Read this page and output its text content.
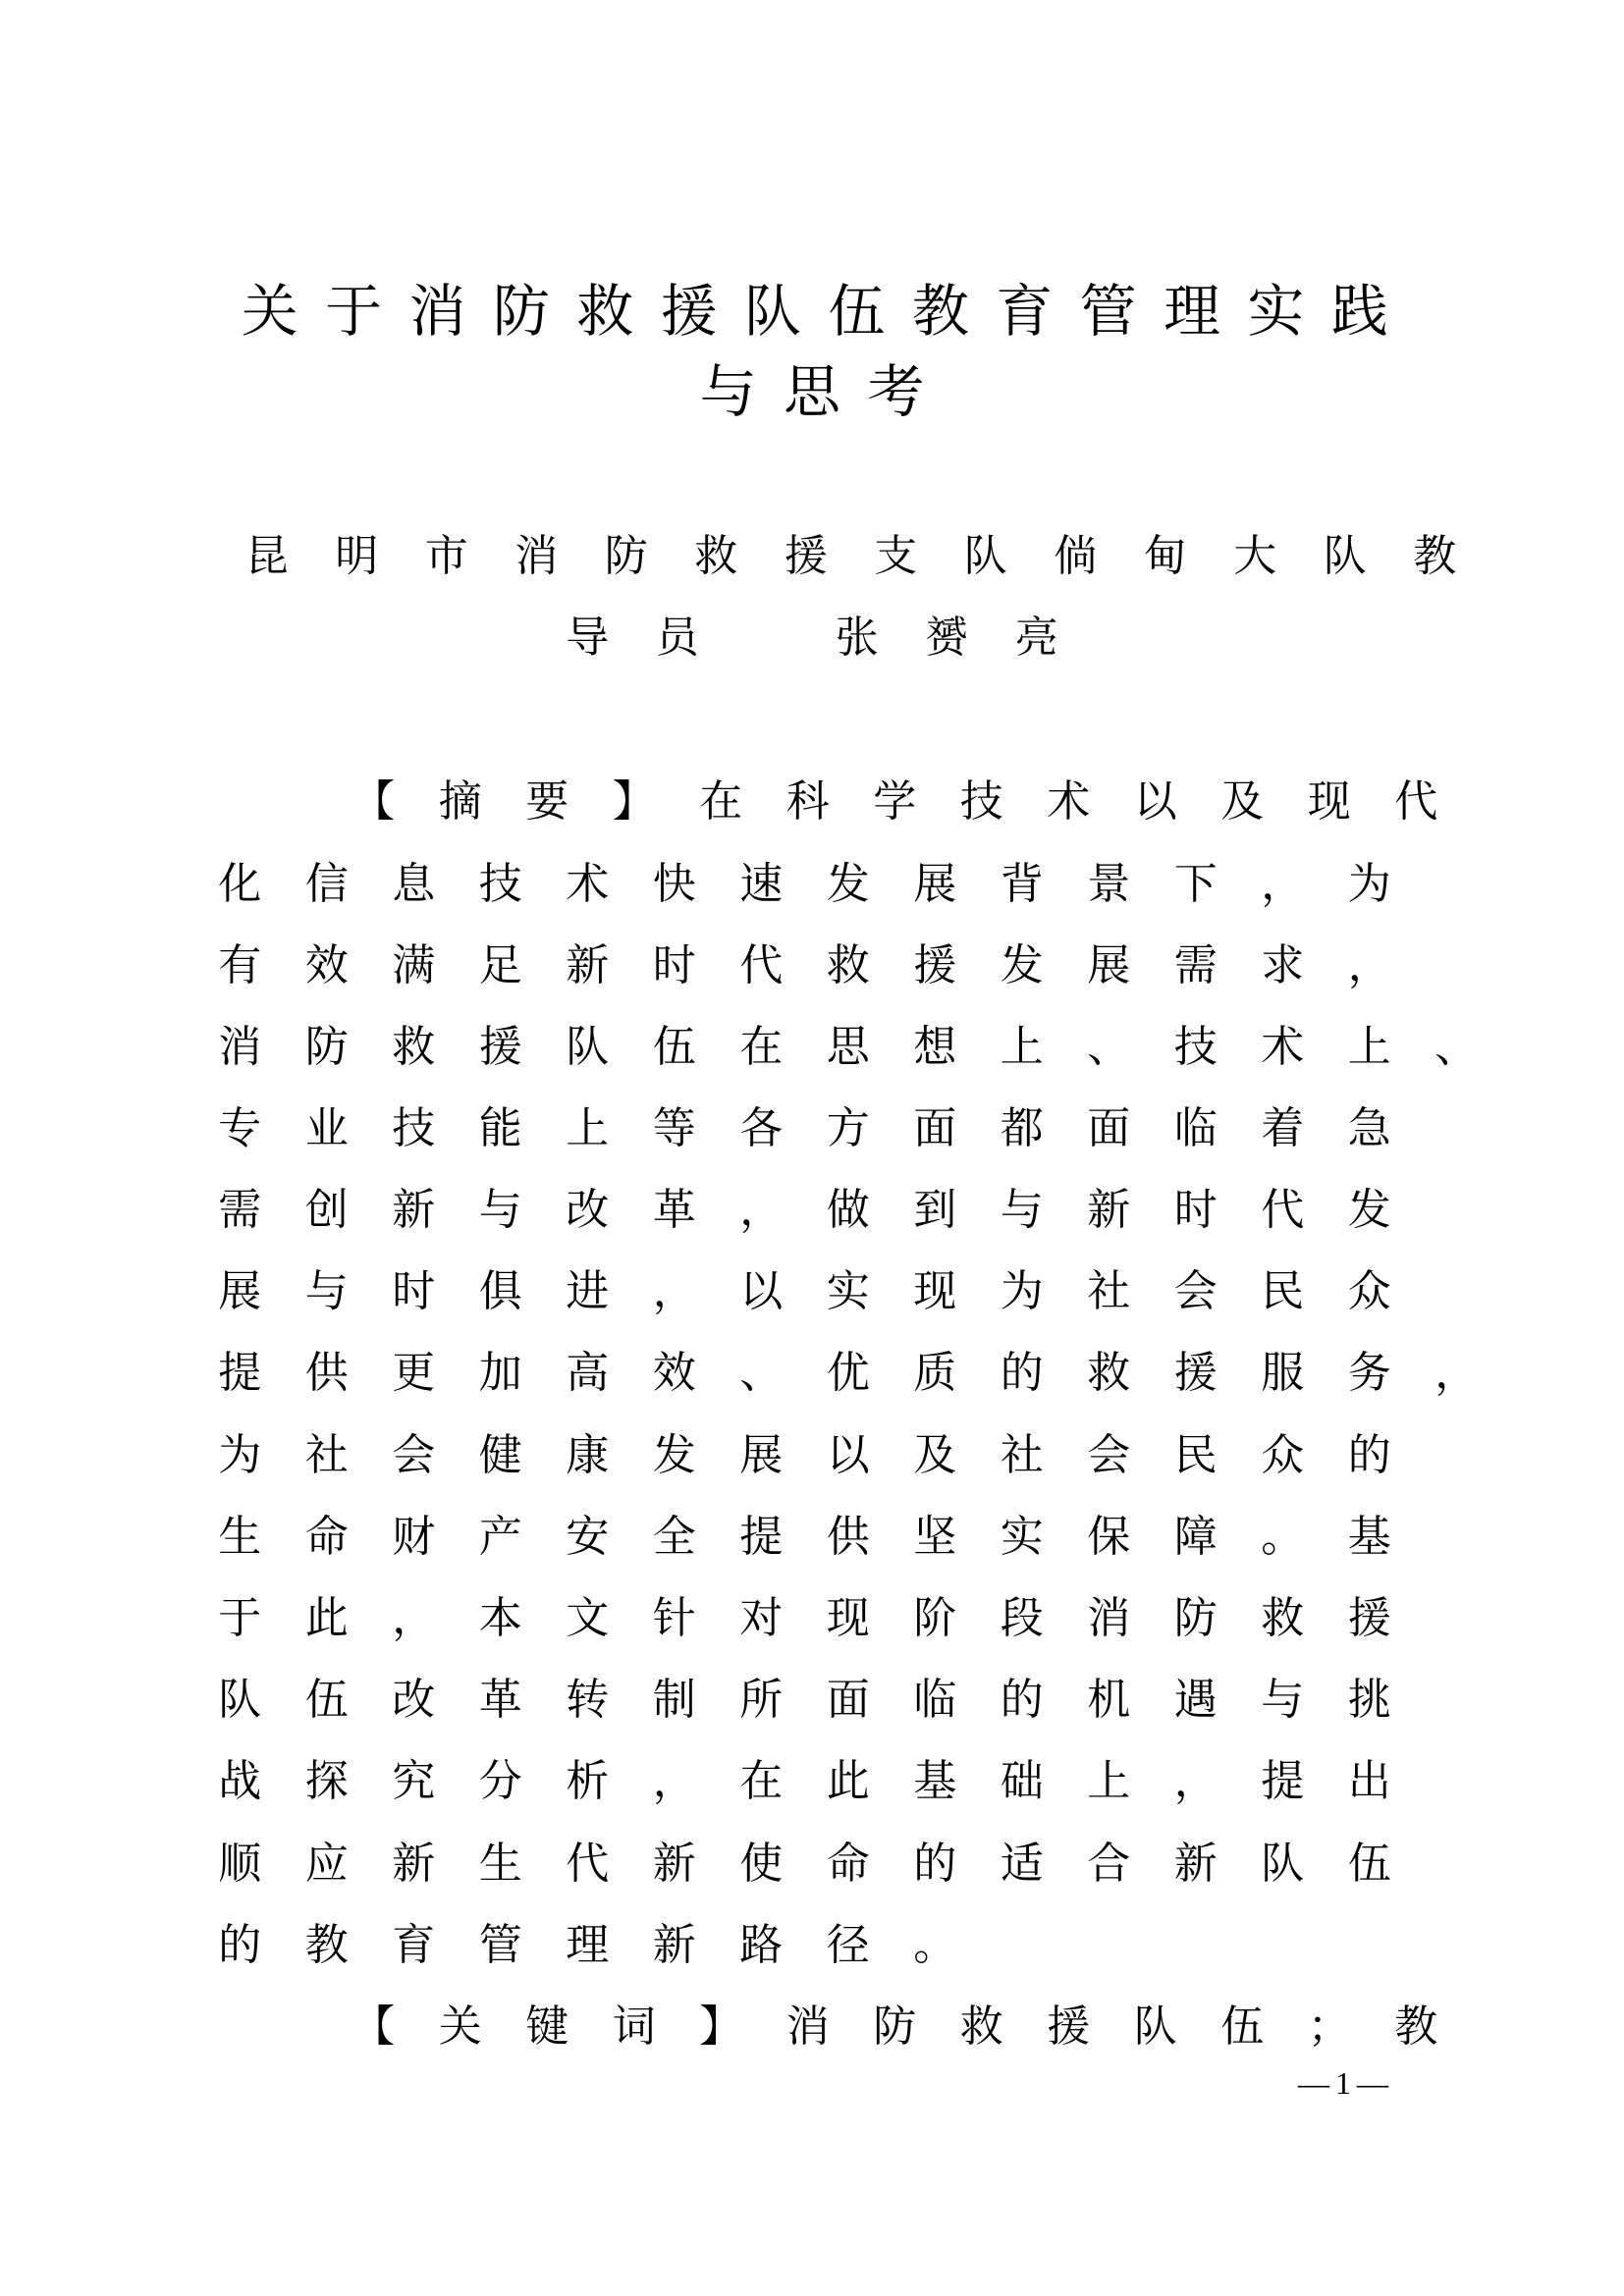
关 于 消 防 救 援 队 伍 教 育 管 理 实 践
与 思 考
昆	明	市	消	防	救	援	支	队	倘	甸	大	队	教
导	员
　	张	赟	亮
【	摘	要	】	在	科	学	技	术	以	及	现	代
化	信	息	技	术	快	速	发	展	背	景	下	，	为
有	效	满	足	新	时	代	救	援	发	展	需	求	，
消	防	救	援	队	伍	在	思	想	上	、	技	术	上	、
专	业	技	能	上	等	各	方	面	都	面	临	着	急
需	创	新	与	改	革	，	做	到	与	新	时	代	发
展	与	时	俱	进	，	以	实	现	为	社	会	民	众
提	供	更	加	高	效	、	优	质	的	救	援	服	务	，
为	社	会	健	康	发	展	以	及	社	会	民	众	的
生	命	财	产	安	全	提	供	坚	实	保	障	。	基
于	此	，	本	文	针	对	现	阶	段	消	防	救	援
队	伍	改	革	转	制	所	面	临	的	机	遇	与	挑
战	探	究	分	析	，	在	此	基	础	上	，	提	出
顺	应	新	生	代	新	使	命	的	适	合	新	队	伍
的	教	育	管	理	新	路	径	。
【	关	键	词	】	消	防	救	援	队	伍	；	教
—1—
